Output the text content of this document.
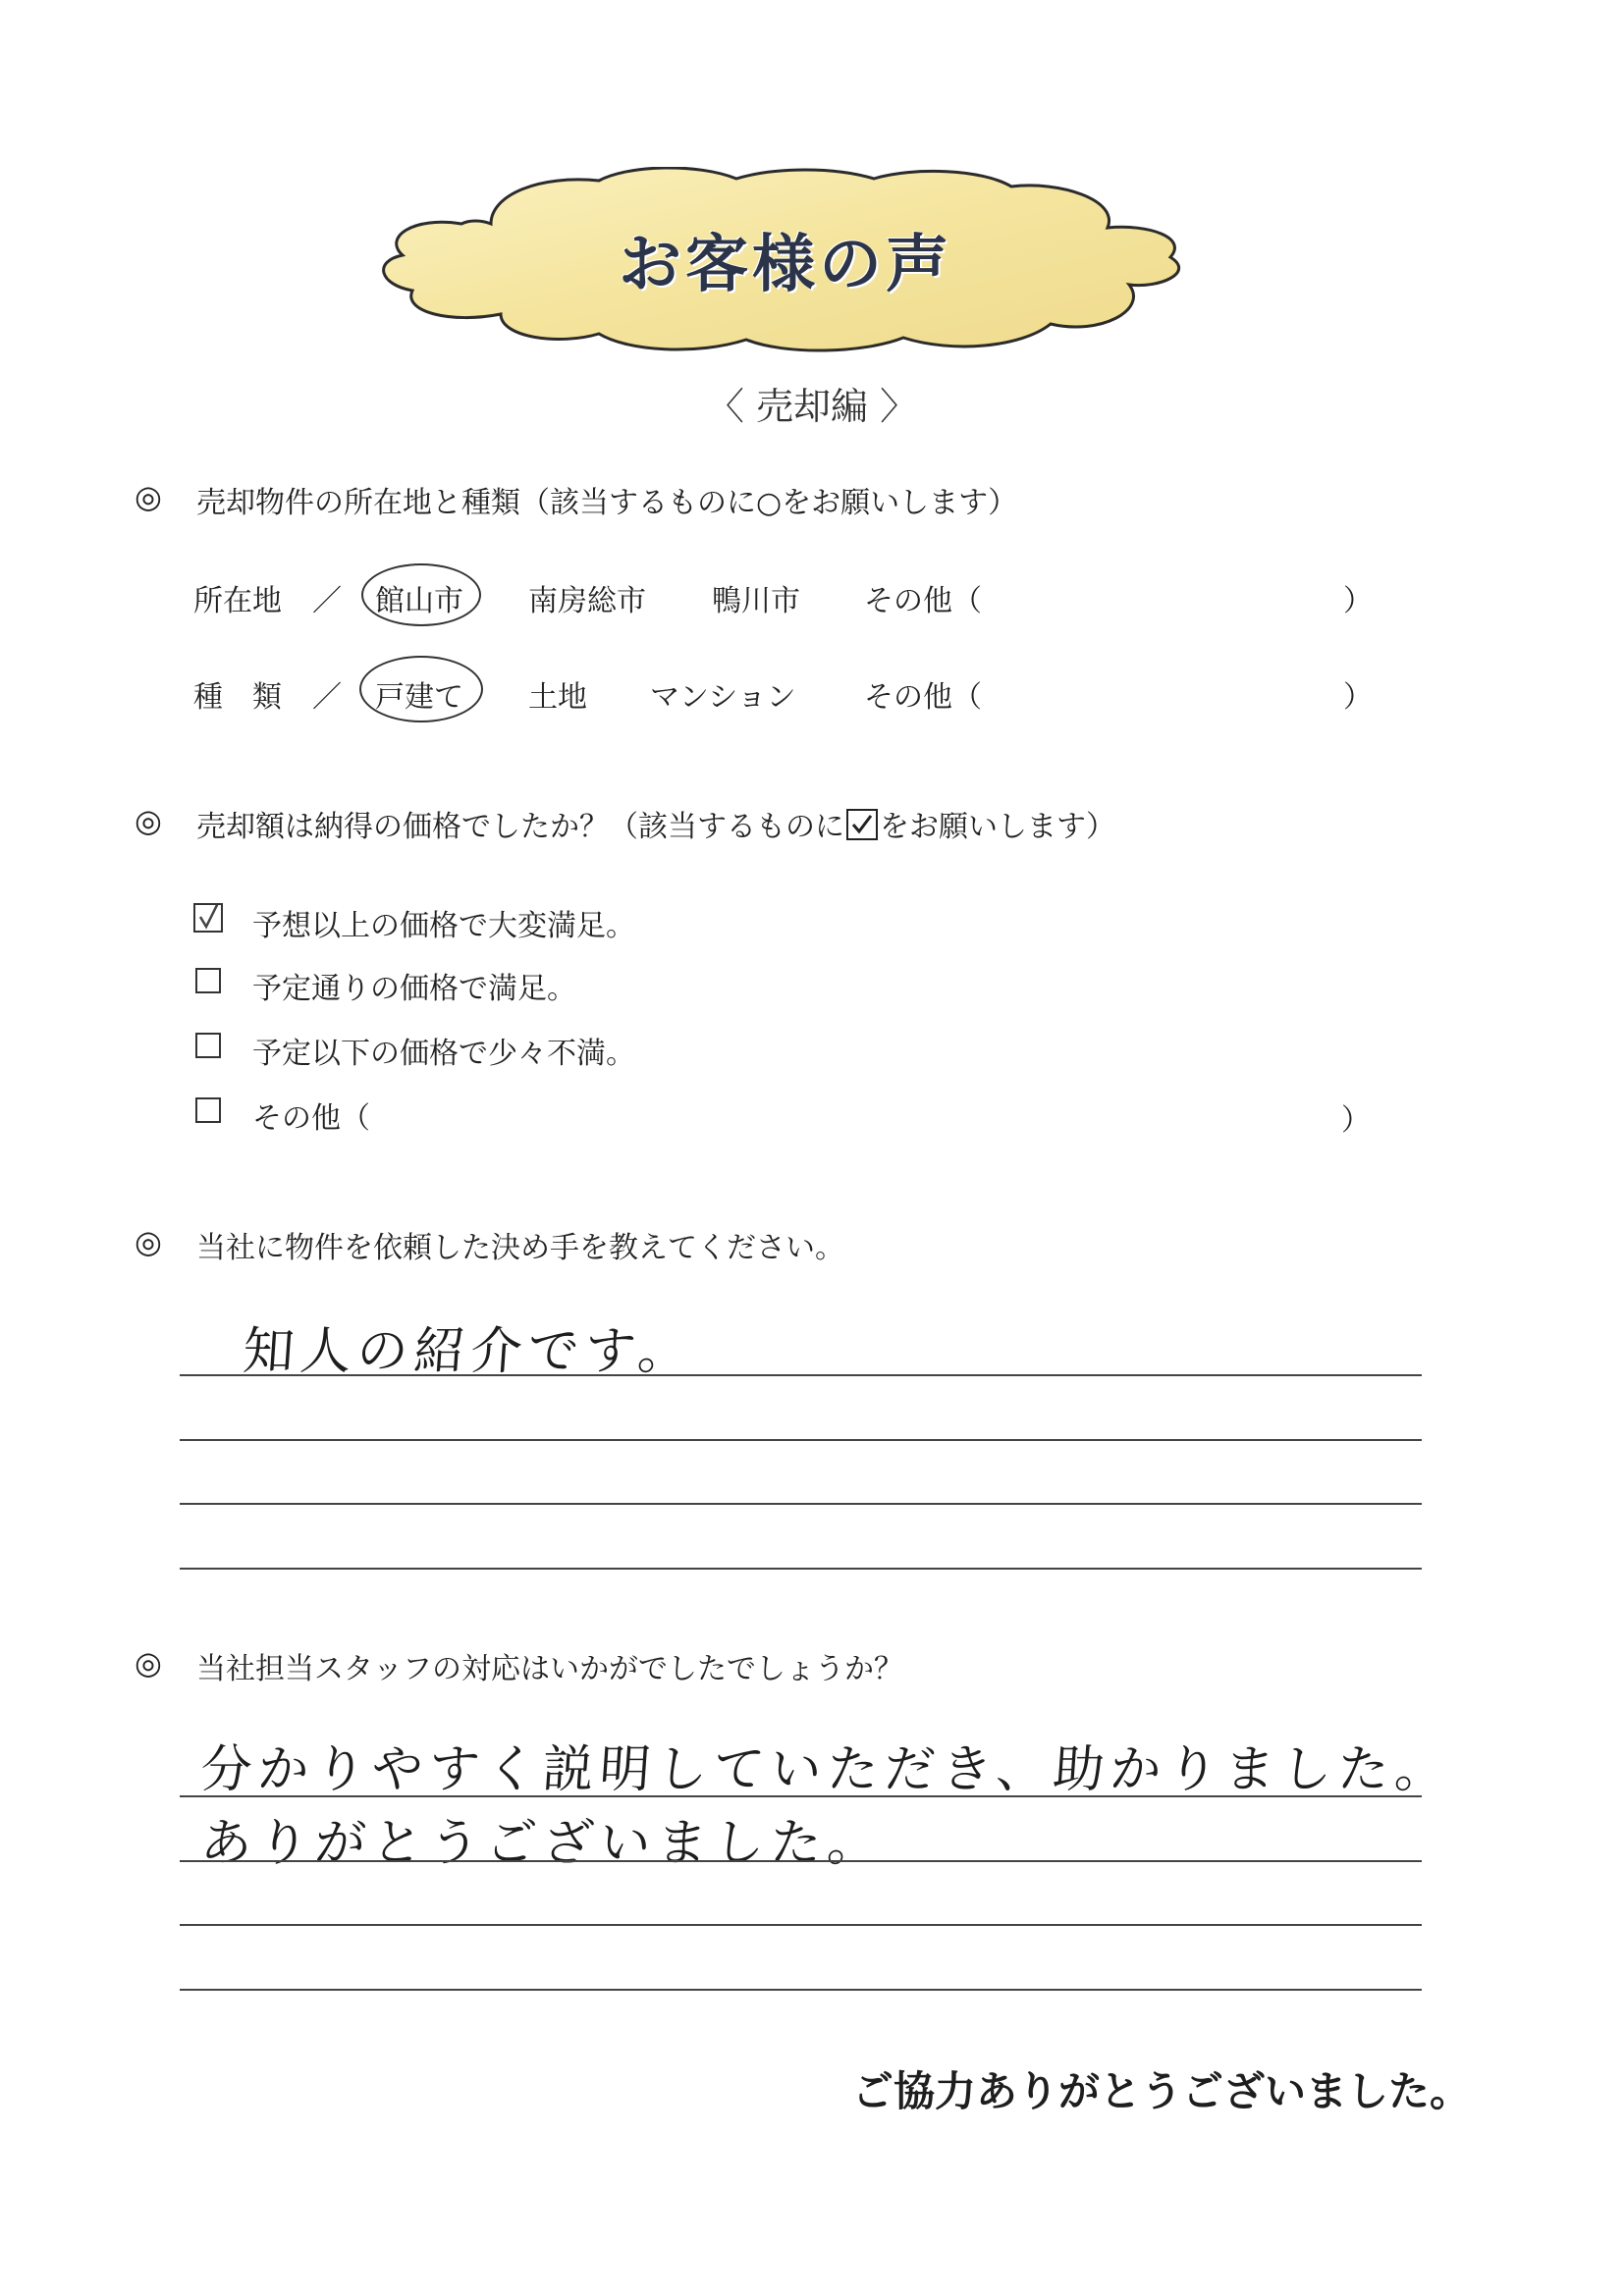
お客様の声
〈 売却編 〉
◎ 売却物件の所在地と種類（該当するものに○をお願いします）
所在地 ／ 館山市 南房総市 鴨川市 その他（	）
種　類 ／ 戸建て 土地 マンション その他（	）
◎ 売却額は納得の価格でしたか？（該当するものに をお願いします）
予想以上の価格で大変満足。
予定通りの価格で満足。
予定以下の価格で少々不満。
その他（	）
◎ 当社に物件を依頼した決め手を教えてください。
知人の紹介です。
◎ 当社担当スタッフの対応はいかがでしたでしょうか？
分かりやすく説明していただき、助かりました。
ありがとうございました。
ご協力ありがとうございました。
